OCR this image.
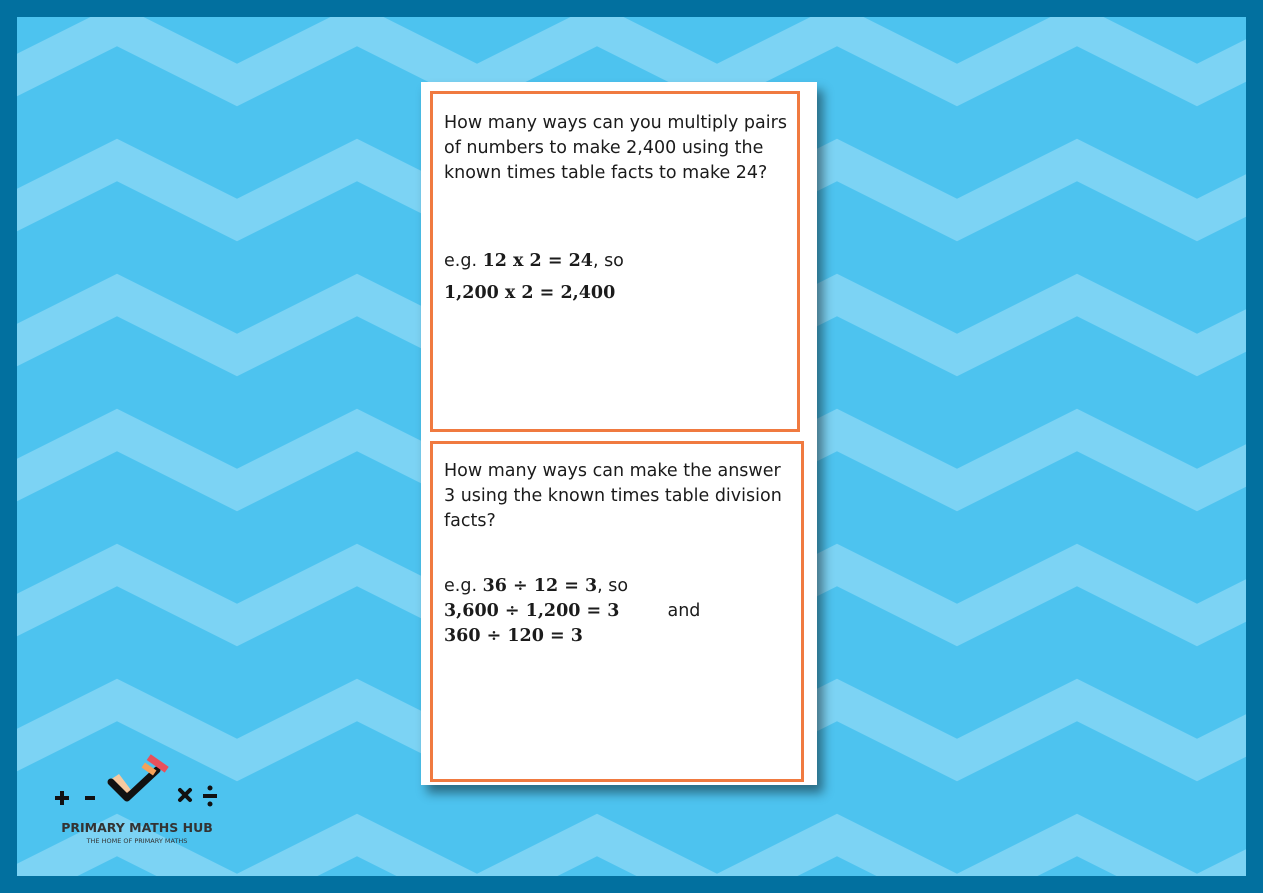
How many ways can you multiply pairs of numbers to make 2,400 using the known times table facts to make 24?

e.g. 12 x 2 = 24, so

1,200 x 2 = 2,400

How many ways can make the answer 3 using the known times table division facts?

e.g. 36 ÷ 12 = 3, so

3,600 ÷ 1,200 = 3	and

360 ÷ 120 = 3

PRIMARY MATHS HUB
THE HOME OF PRIMARY MATHS
